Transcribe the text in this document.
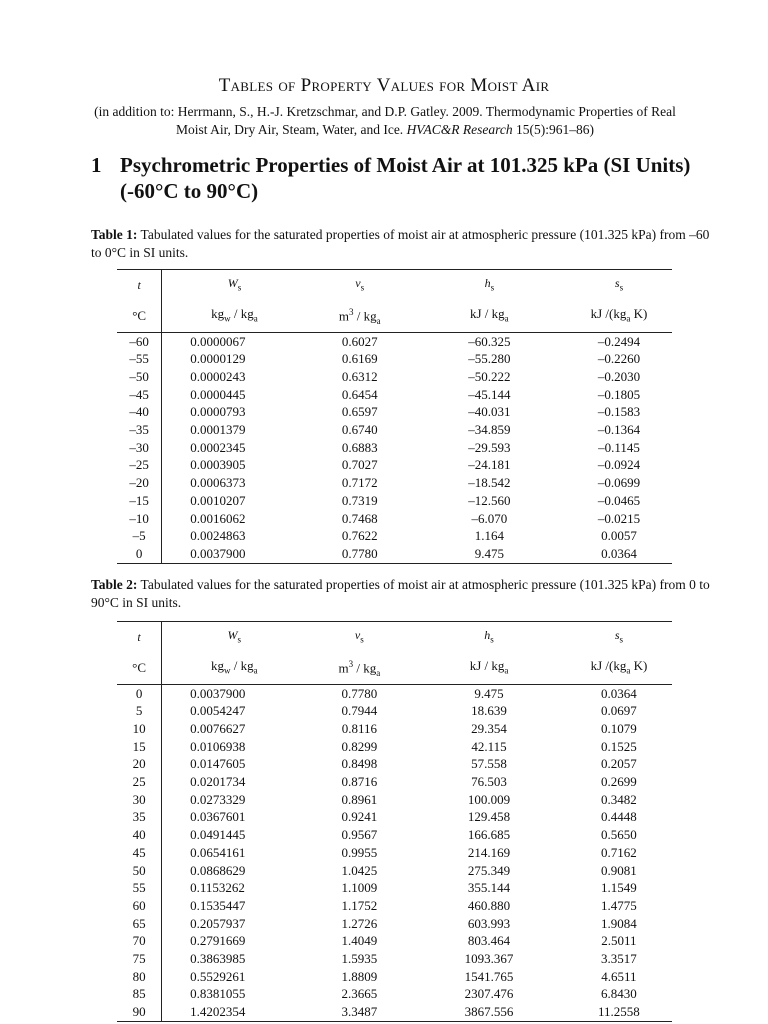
Tables of Property Values for Moist Air

(in addition to: Herrmann, S., H.-J. Kretzschmar, and D.P. Gatley. 2009. Thermodynamic Properties of Real Moist Air, Dry Air, Steam, Water, and Ice. HVAC&R Research 15(5):961–86)

1 Psychrometric Properties of Moist Air at 101.325 kPa (SI Units) (-60°C to 90°C)

Table 1: Tabulated values for the saturated properties of moist air at atmospheric pressure (101.325 kPa) from –60 to 0°C in SI units.

t	$W_s$	$v_s$	$h_s$	$s_s$
°C	$kg_w / kg_a$	$m^3 / kg_a$	kJ / $kg_a$	kJ $/(kg_a$ K)
–60	0.0000067	0.6027	–60.325	–0.2494
–55	0.0000129	0.6169	–55.280	–0.2260
–50	0.0000243	0.6312	–50.222	–0.2030
–45	0.0000445	0.6454	–45.144	–0.1805
–40	0.0000793	0.6597	–40.031	–0.1583
–35	0.0001379	0.6740	–34.859	–0.1364
–30	0.0002345	0.6883	–29.593	–0.1145
–25	0.0003905	0.7027	–24.181	–0.0924
–20	0.0006373	0.7172	–18.542	–0.0699
–15	0.0010207	0.7319	–12.560	–0.0465
–10	0.0016062	0.7468	–6.070	–0.0215
–5	0.0024863	0.7622	1.164	0.0057
0	0.0037900	0.7780	9.475	0.0364

Table 2: Tabulated values for the saturated properties of moist air at atmospheric pressure (101.325 kPa) from 0 to 90°C in SI units.

t	$W_s$	$v_s$	$h_s$	$s_s$
°C	$kg_w / kg_a$	$m^3 / kg_a$	kJ / $kg_a$	kJ $/(kg_a$ K)
0	0.0037900	0.7780	9.475	0.0364
5	0.0054247	0.7944	18.639	0.0697
10	0.0076627	0.8116	29.354	0.1079
15	0.0106938	0.8299	42.115	0.1525
20	0.0147605	0.8498	57.558	0.2057
25	0.0201734	0.8716	76.503	0.2699
30	0.0273329	0.8961	100.009	0.3482
35	0.0367601	0.9241	129.458	0.4448
40	0.0491445	0.9567	166.685	0.5650
45	0.0654161	0.9955	214.169	0.7162
50	0.0868629	1.0425	275.349	0.9081
55	0.1153262	1.1009	355.144	1.1549
60	0.1535447	1.1752	460.880	1.4775
65	0.2057937	1.2726	603.993	1.9084
70	0.2791669	1.4049	803.464	2.5011
75	0.3863985	1.5935	1093.367	3.3517
80	0.5529261	1.8809	1541.765	4.6511
85	0.8381055	2.3665	2307.476	6.8430
90	1.4202354	3.3487	3867.556	11.2558
